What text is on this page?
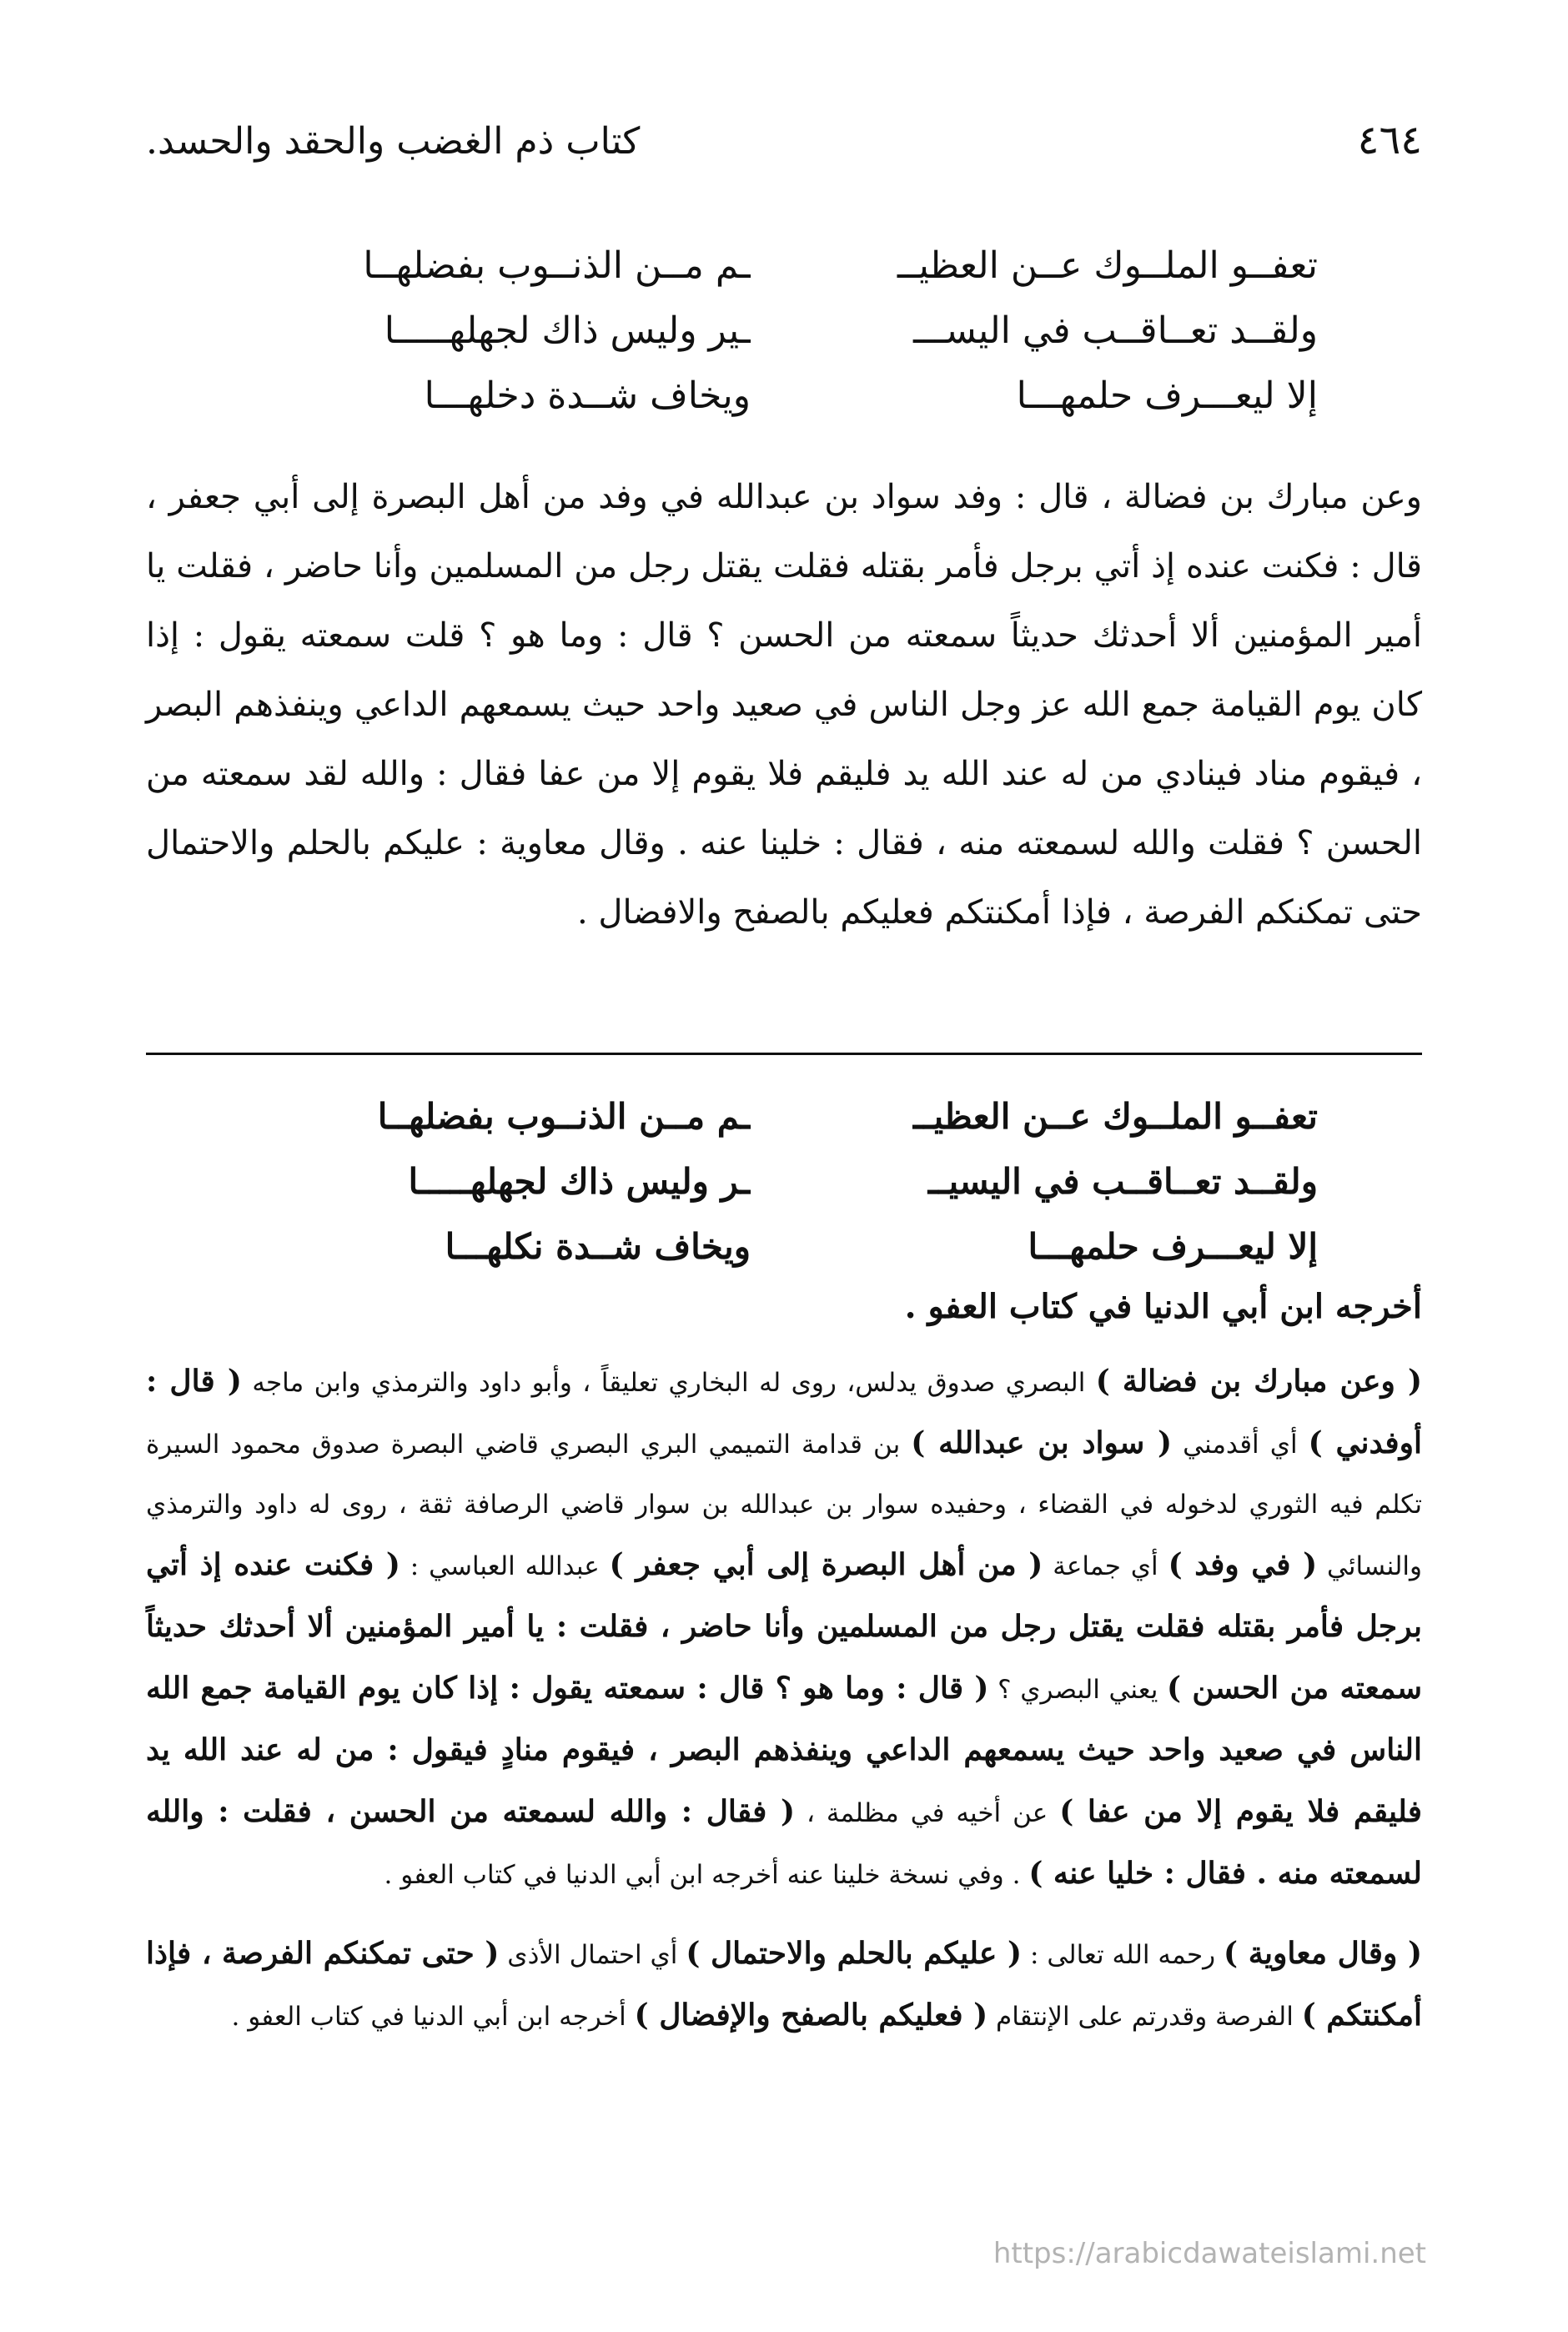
٤٦٤
كتاب ذم الغضب والحقد والحسد.
تعفــو الملــوك عــن العظيــ
ـم مــن الذنــوب بفضلهــا
ولقــد تعــاقــب في اليســـ
ـير وليس ذاك لجهلهـــــا
إلا ليعـــرف حلمهـــا
ويخاف شــدة دخلهـــا
وعن مبارك بن فضالة ، قال : وفد سواد بن عبدالله في وفد من أهل البصرة إلى أبي جعفر ، قال : فكنت عنده إذ أتي برجل فأمر بقتله فقلت يقتل رجل من المسلمين وأنا حاضر ، فقلت يا أمير المؤمنين ألا أحدثك حديثاً سمعته من الحسن ؟ قال : وما هو ؟ قلت سمعته يقول : إذا كان يوم القيامة جمع الله عز وجل الناس في صعيد واحد حيث يسمعهم الداعي وينفذهم البصر ، فيقوم مناد فينادي من له عند الله يد فليقم فلا يقوم إلا من عفا فقال : والله لقد سمعته من الحسن ؟ فقلت والله لسمعته منه ، فقال : خلينا عنه . وقال معاوية : عليكم بالحلم والاحتمال حتى تمكنكم الفرصة ، فإذا أمكنتكم فعليكم بالصفح والافضال .
تعفــو الملــوك عــن العظيــ
ـم مــن الذنــوب بفضلهــا
ولقــد تعــاقــب في اليسيــ
ـر وليس ذاك لجهلهـــــا
إلا ليعـــرف حلمهـــا
ويخاف شــدة نكلهـــا
أخرجه ابن أبي الدنيا في كتاب العفو .

( وعن مبارك بن فضالة ) البصري صدوق يدلس، روى له البخاري تعليقاً ، وأبو داود والترمذي وابن ماجه ( قال : أوفدني ) أي أقدمني ( سواد بن عبدالله ) بن قدامة التميمي البري البصري قاضي البصرة صدوق محمود السيرة تكلم فيه الثوري لدخوله في القضاء ، وحفيده سوار بن عبدالله بن سوار قاضي الرصافة ثقة ، روى له داود والترمذي والنسائي ( في وفد ) أي جماعة ( من أهل البصرة إلى أبي جعفر ) عبدالله العباسي : ( فكنت عنده إذ أتي برجل فأمر بقتله فقلت يقتل رجل من المسلمين وأنا حاضر ، فقلت : يا أمير المؤمنين ألا أحدثك حديثاً سمعته من الحسن ) يعني البصري ؟ ( قال : وما هو ؟ قال : سمعته يقول : إذا كان يوم القيامة جمع الله الناس في صعيد واحد حيث يسمعهم الداعي وينفذهم البصر ، فيقوم منادٍ فيقول : من له عند الله يد فليقم فلا يقوم إلا من عفا ) عن أخيه في مظلمة ، ( فقال : والله لسمعته من الحسن ، فقلت : والله لسمعته منه . فقال : خليا عنه ) . وفي نسخة خلينا عنه أخرجه ابن أبي الدنيا في كتاب العفو .

( وقال معاوية ) رحمه الله تعالى : ( عليكم بالحلم والاحتمال ) أي احتمال الأذى ( حتى تمكنكم الفرصة ، فإذا أمكنتكم ) الفرصة وقدرتم على الإنتقام ( فعليكم بالصفح والإفضال ) أخرجه ابن أبي الدنيا في كتاب العفو .

https://arabicdawateislami.net
